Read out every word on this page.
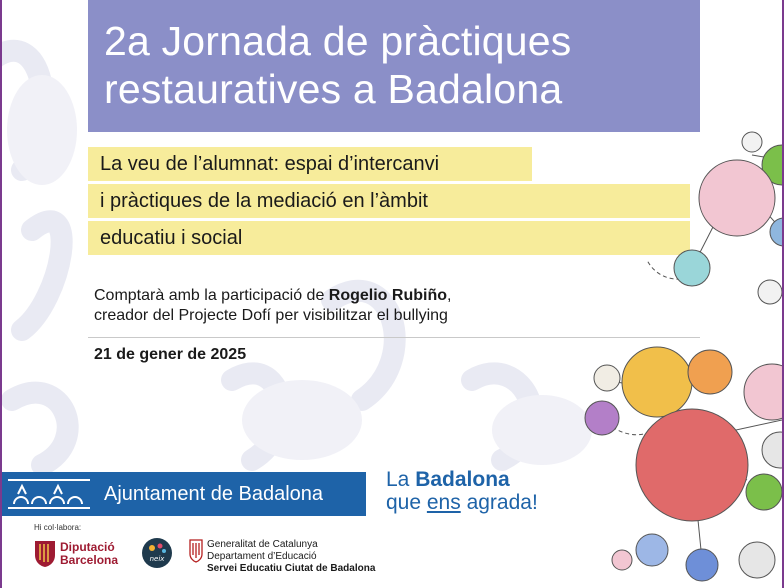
2a Jornada de pràctiques
restauratives a Badalona
La veu de l’alumnat: espai d’intercanvi
i pràctiques de la mediació en l’àmbit
educatiu i social
Comptarà amb la participació de Rogelio Rubiño,
creador del Projecte Dofí per visibilitzar el bullying
21 de gener de 2025
Ajuntament de Badalona
La Badalona
que ens agrada!
Hi col·labora:
Diputació
Barcelona	neix
Generalitat de Catalunya
Departament d’Educació
Servei Educatiu Ciutat de Badalona
